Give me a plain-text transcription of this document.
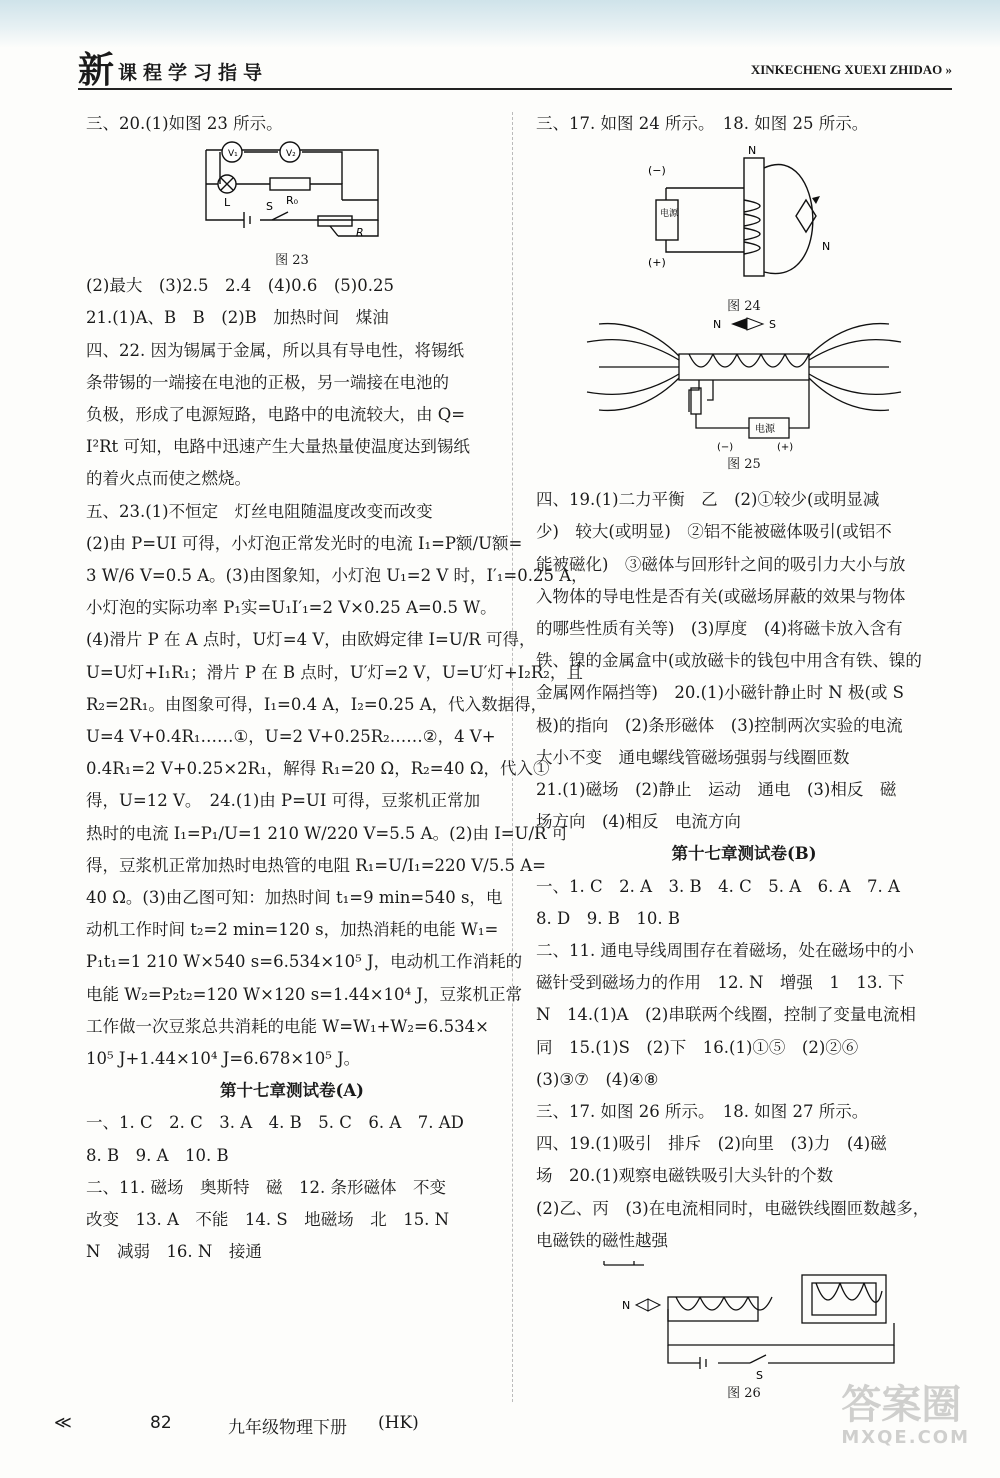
新 课程学习指导	XINKECHENG XUEXI ZHIDAO »
三、20.(1)如图 23 所示。
V₁	V₂
L	R₀
S
R
图 23
(2)最大　(3)2.5　2.4　(4)0.6　(5)0.25
21.(1)A、B　B　(2)B　加热时间　煤油
四、22. 因为锡属于金属，所以具有导电性，将锡纸
条带锡的一端接在电池的正极，另一端接在电池的
负极，形成了电源短路，电路中的电流较大，由 Q=
I²Rt 可知，电路中迅速产生大量热量使温度达到锡纸
的着火点而使之燃烧。
五、23.(1)不恒定　灯丝电阻随温度改变而改变
(2)由 P=UI 可得，小灯泡正常发光时的电流 I₁=P额/U额=
3 W/6 V=0.5 A。(3)由图象知，小灯泡 U₁=2 V 时，I′₁=0.25 A，
小灯泡的实际功率 P₁实=U₁I′₁=2 V×0.25 A=0.5 W。
(4)滑片 P 在 A 点时，U灯=4 V，由欧姆定律 I=U/R 可得，
U=U灯+I₁R₁；滑片 P 在 B 点时，U′灯=2 V，U=U′灯+I₂R₂，且
R₂=2R₁。由图象可得，I₁=0.4 A，I₂=0.25 A，代入数据得，
U=4 V+0.4R₁……①，U=2 V+0.25R₂……②，4 V+
0.4R₁=2 V+0.25×2R₁，解得 R₁=20 Ω，R₂=40 Ω，代入①
得，U=12 V。　24.(1)由 P=UI 可得，豆浆机正常加
热时的电流 I₁=P₁/U=1 210 W/220 V=5.5 A。(2)由 I=U/R 可
得，豆浆机正常加热时电热管的电阻 R₁=U/I₁=220 V/5.5 A=
40 Ω。(3)由乙图可知：加热时间 t₁=9 min=540 s，电
动机工作时间 t₂=2 min=120 s，加热消耗的电能 W₁=
P₁t₁=1 210 W×540 s=6.534×10⁵ J，电动机工作消耗的
电能 W₂=P₂t₂=120 W×120 s=1.44×10⁴ J，豆浆机正常
工作做一次豆浆总共消耗的电能 W=W₁+W₂=6.534×
10⁵ J+1.44×10⁴ J=6.678×10⁵ J。
第十七章测试卷(A)
一、1. C　2. C　3. A　4. B　5. C　6. A　7. AD
8. B　9. A　10. B
二、11. 磁场　奥斯特　磁　12. 条形磁体　不变
改变　13. A　不能　14. S　地磁场　北　15. N
N　减弱　16. N　接通
三、17. 如图 24 所示。　18. 如图 25 所示。
(−)
电源
(+)
N
N
图 24
N	S
电源
(−)	(+)
图 25
四、19.(1)二力平衡　乙　(2)①较少(或明显减
少)　较大(或明显)　②铝不能被磁体吸引(或铝不
能被磁化)　③磁体与回形针之间的吸引力大小与放
入物体的导电性是否有关(或磁场屏蔽的效果与物体
的哪些性质有关等)　(3)厚度　(4)将磁卡放入含有
铁、镍的金属盒中(或放磁卡的钱包中用含有铁、镍的
金属网作隔挡等)　20.(1)小磁针静止时 N 极(或 S
极)的指向　(2)条形磁体　(3)控制两次实验的电流
大小不变　通电螺线管磁场强弱与线圈匝数
21.(1)磁场　(2)静止　运动　通电　(3)相反　磁
场方向　(4)相反　电流方向
第十七章测试卷(B)
一、1. C　2. A　3. B　4. C　5. A　6. A　7. A
8. D　9. B　10. B
二、11. 通电导线周围存在着磁场，处在磁场中的小
磁针受到磁场力的作用　12. N　增强　1　13. 下
N　14.(1)A　(2)串联两个线圈，控制了变量电流相
同　15.(1)S　(2)下　16.(1)①⑤　(2)②⑥
(3)③⑦　(4)④⑧
三、17. 如图 26 所示。　18. 如图 27 所示。
四、19.(1)吸引　排斥　(2)向里　(3)力　(4)磁
场　20.(1)观察电磁铁吸引大头针的个数
(2)乙、丙　(3)在电流相同时，电磁铁线圈匝数越多，
电磁铁的磁性越强
N
S
图 26
≪	82	九年级物理下册 (HK)	答案圈
MXQE.COM
